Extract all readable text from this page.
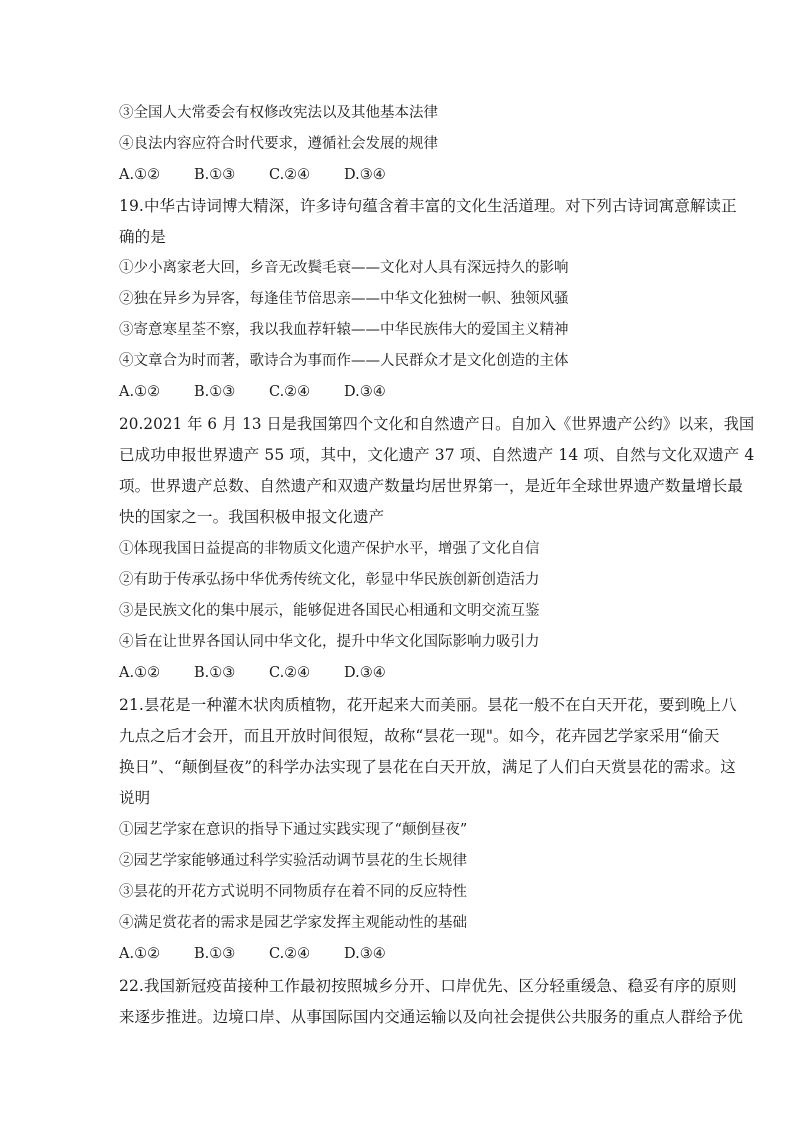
③全国人大常委会有权修改宪法以及其他基本法律
④良法内容应符合时代要求，遵循社会发展的规律
A.①②	B.①③	C.②④	D.③④
19.中华古诗词博大精深，许多诗句蕴含着丰富的文化生活道理。对下列古诗词寓意解读正
确的是
①少小离家老大回，乡音无改鬓毛衰——文化对人具有深远持久的影响
②独在异乡为异客，每逢佳节倍思亲——中华文化独树一帜、独领风骚
③寄意寒星荃不察，我以我血荐轩辕——中华民族伟大的爱国主义精神
④文章合为时而著，歌诗合为事而作——人民群众才是文化创造的主体
A.①②	B.①③	C.②④	D.③④
20.2021 年 6 月 13 日是我国第四个文化和自然遗产日。自加入《世界遗产公约》以来，我国
已成功申报世界遗产 55 项，其中，文化遗产 37 项、自然遗产 14 项、自然与文化双遗产 4
项。世界遗产总数、自然遗产和双遗产数量均居世界第一，是近年全球世界遗产数量增长最
快的国家之一。我国积极申报文化遗产
①体现我国日益提高的非物质文化遗产保护水平，增强了文化自信
②有助于传承弘扬中华优秀传统文化，彰显中华民族创新创造活力
③是民族文化的集中展示，能够促进各国民心相通和文明交流互鉴
④旨在让世界各国认同中华文化，提升中华文化国际影响力吸引力
A.①②	B.①③	C.②④	D.③④
21.昙花是一种灌木状肉质植物，花开起来大而美丽。昙花一般不在白天开花，要到晚上八
九点之后才会开，而且开放时间很短，故称“昙花一现"。如今，花卉园艺学家采用“偷天
换日”、“颠倒昼夜”的科学办法实现了昙花在白天开放，满足了人们白天赏昙花的需求。这
说明
①园艺学家在意识的指导下通过实践实现了“颠倒昼夜”
②园艺学家能够通过科学实验活动调节昙花的生长规律
③昙花的开花方式说明不同物质存在着不同的反应特性
④满足赏花者的需求是园艺学家发挥主观能动性的基础
A.①②	B.①③	C.②④	D.③④
22.我国新冠疫苗接种工作最初按照城乡分开、口岸优先、区分轻重缓急、稳妥有序的原则
来逐步推进。边境口岸、从事国际国内交通运输以及向社会提供公共服务的重点人群给予优
